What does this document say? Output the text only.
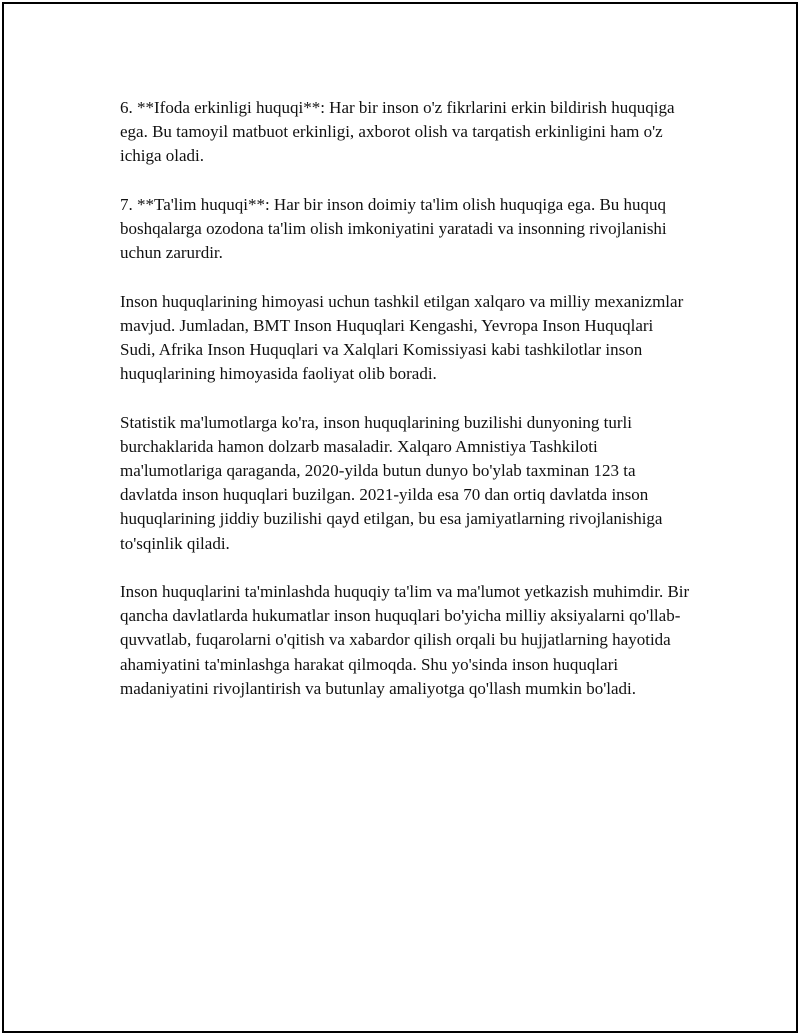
6. **Ifoda erkinligi huquqi**: Har bir inson o'z fikrlarini erkin bildirish huquqiga ega. Bu tamoyil matbuot erkinligi, axborot olish va tarqatish erkinligini ham o'z ichiga oladi.

7. **Ta'lim huquqi**: Har bir inson doimiy ta'lim olish huquqiga ega. Bu huquq boshqalarga ozodona ta'lim olish imkoniyatini yaratadi va insonning rivojlanishi uchun zarurdir.

Inson huquqlarining himoyasi uchun tashkil etilgan xalqaro va milliy mexanizmlar mavjud. Jumladan, BMT Inson Huquqlari Kengashi, Yevropa Inson Huquqlari Sudi, Afrika Inson Huquqlari va Xalqlari Komissiyasi kabi tashkilotlar inson huquqlarining himoyasida faoliyat olib boradi.

Statistik ma'lumotlarga ko'ra, inson huquqlarining buzilishi dunyoning turli burchaklarida hamon dolzarb masaladir. Xalqaro Amnistiya Tashkiloti ma'lumotlariga qaraganda, 2020-yilda butun dunyo bo'ylab taxminan 123 ta davlatda inson huquqlari buzilgan. 2021-yilda esa 70 dan ortiq davlatda inson huquqlarining jiddiy buzilishi qayd etilgan, bu esa jamiyatlarning rivojlanishiga to'sqinlik qiladi.

Inson huquqlarini ta'minlashda huquqiy ta'lim va ma'lumot yetkazish muhimdir. Bir qancha davlatlarda hukumatlar inson huquqlari bo'yicha milliy aksiyalarni qo'llab-quvvatlab, fuqarolarni o'qitish va xabardor qilish orqali bu hujjatlarning hayotida ahamiyatini ta'minlashga harakat qilmoqda. Shu yo'sinda inson huquqlari madaniyatini rivojlantirish va butunlay amaliyotga qo'llash mumkin bo'ladi.
